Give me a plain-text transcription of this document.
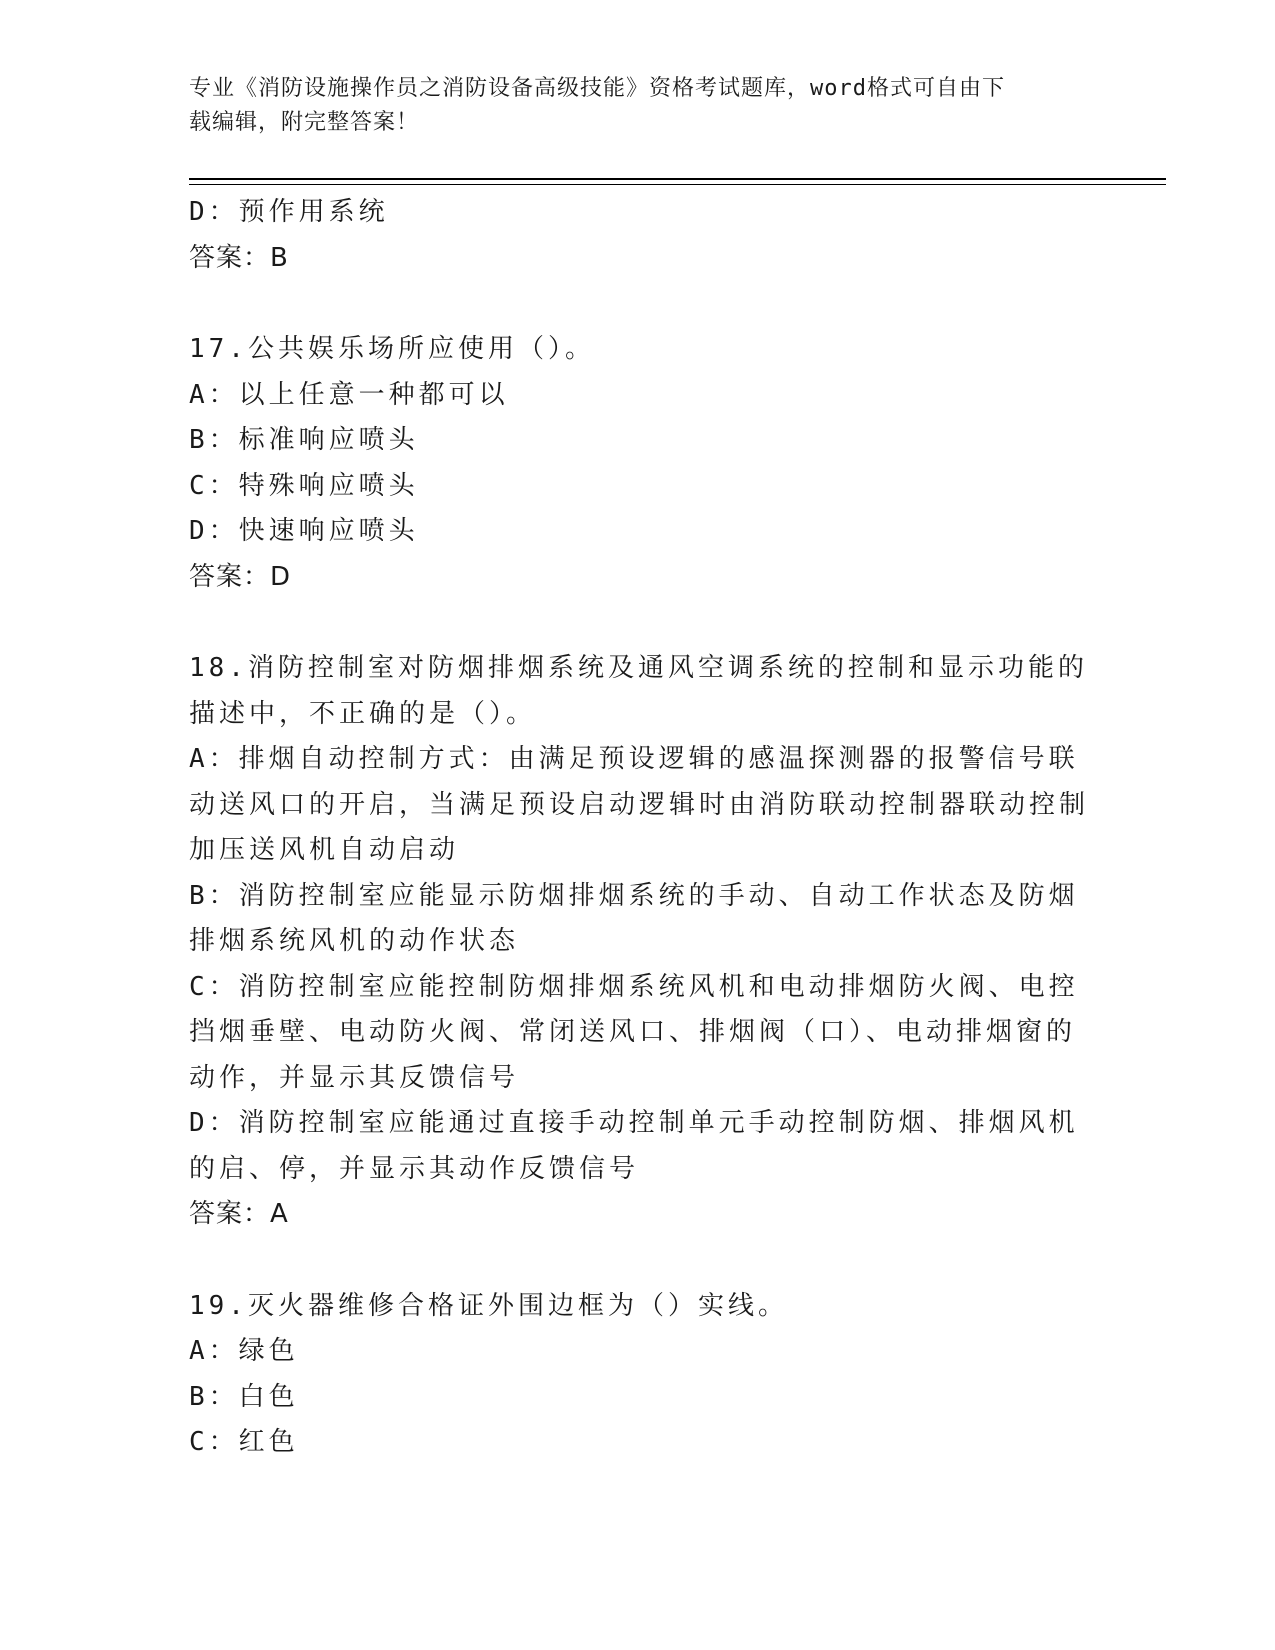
专业《消防设施操作员之消防设备高级技能》资格考试题库，word格式可自由下
载编辑，附完整答案！
D：预作用系统
答案：B
17.公共娱乐场所应使用（）。
A：以上任意一种都可以
B：标准响应喷头
C：特殊响应喷头
D：快速响应喷头
答案：D
18.消防控制室对防烟排烟系统及通风空调系统的控制和显示功能的描述中，不正确的是（）。
A：排烟自动控制方式：由满足预设逻辑的感温探测器的报警信号联动送风口的开启，当满足预设启动逻辑时由消防联动控制器联动控制加压送风机自动启动
B：消防控制室应能显示防烟排烟系统的手动、自动工作状态及防烟排烟系统风机的动作状态
C：消防控制室应能控制防烟排烟系统风机和电动排烟防火阀、电控挡烟垂壁、电动防火阀、常闭送风口、排烟阀（口）、电动排烟窗的动作，并显示其反馈信号
D：消防控制室应能通过直接手动控制单元手动控制防烟、排烟风机的启、停，并显示其动作反馈信号
答案：A
19.灭火器维修合格证外围边框为（）实线。
A：绿色
B：白色
C：红色
